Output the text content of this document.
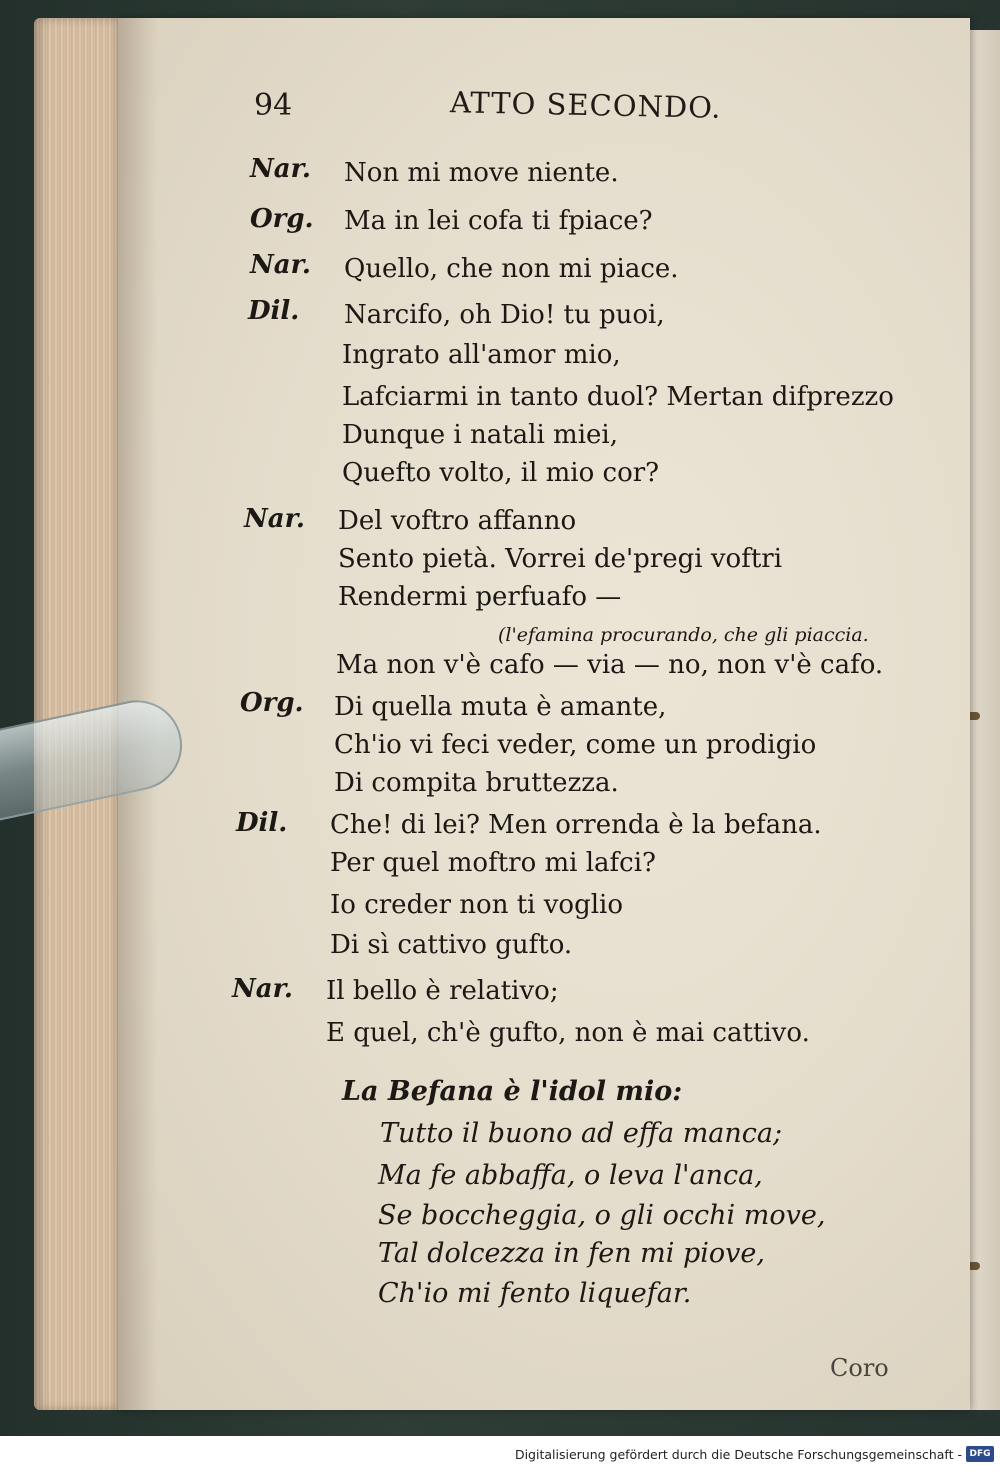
94	ATTO SECONDO.
Nar. Non mi move niente.
Org. Ma in lei cofa ti fpiace?
Nar. Quello, che non mi piace.
Dil. Narcifo, oh Dio! tu puoi,
Ingrato all'amor mio,
Lafciarmi in tanto duol? Mertan difprezzo
Dunque i natali miei,
Quefto volto, il mio cor?
Nar. Del voftro affanno
Sento pietà. Vorrei de'pregi voftri
Rendermi perfuafo —
(l'efamina procurando, che gli piaccia.
Ma non v'è cafo — via — no, non v'è cafo.
Org. Di quella muta è amante,
Ch'io vi feci veder, come un prodigio
Di compita bruttezza.
Dil. Che! di lei? Men orrenda è la befana.
Per quel moftro mi lafci?
Io creder non ti voglio
Di sì cattivo gufto.
Nar. Il bello è relativo;
E quel, ch'è gufto, non è mai cattivo.
La Befana è l'idol mio:
Tutto il buono ad effa manca;
Ma fe abbaffa, o leva l'anca,
Se boccheggia, o gli occhi move,
Tal dolcezza in fen mi piove,
Ch'io mi fento liquefar.
Coro
Digitalisierung gefördert durch die Deutsche Forschungsgemeinschaft - DFG
